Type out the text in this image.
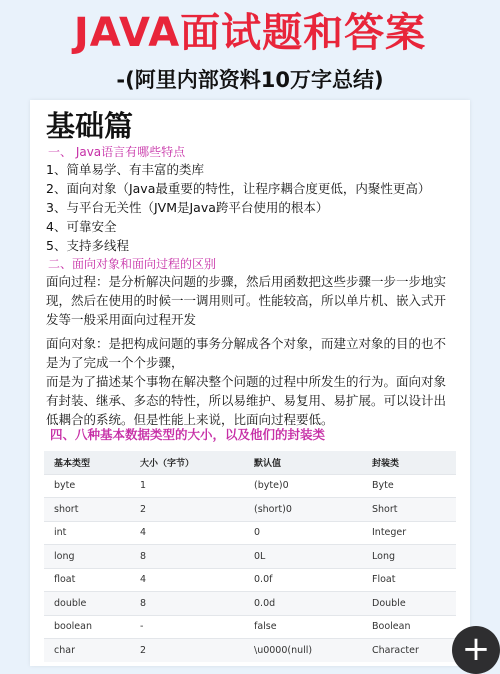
JAVA面试题和答案
-(阿里内部资料10万字总结)
基础篇
一、 Java语言有哪些特点
1、简单易学、有丰富的类库
2、面向对象（Java最重要的特性，让程序耦合度更低，内聚性更高）
3、与平台无关性（JVM是Java跨平台使用的根本）
4、可靠安全
5、支持多线程
二、面向对象和面向过程的区别
面向过程：是分析解决问题的步骤，然后用函数把这些步骤一步一步地实现，然后在使用的时候一一调用则可。性能较高，所以单片机、嵌入式开发等一般采用面向过程开发
面向对象：是把构成问题的事务分解成各个对象，而建立对象的目的也不是为了完成一个个步骤，
而是为了描述某个事物在解决整个问题的过程中所发生的行为。面向对象有封装、继承、多态的特性，所以易维护、易复用、易扩展。可以设计出低耦合的系统。但是性能上来说，比面向过程要低。
四、八种基本数据类型的大小，以及他们的封装类
基本类型	大小（字节）	默认值	封装类
byte	1	(byte)0	Byte
short	2	(short)0	Short
int	4	0	Integer
long	8	0L	Long
float	4	0.0f	Float
double	8	0.0d	Double
boolean	-	false	Boolean
char	2	\u0000(null)	Character +
